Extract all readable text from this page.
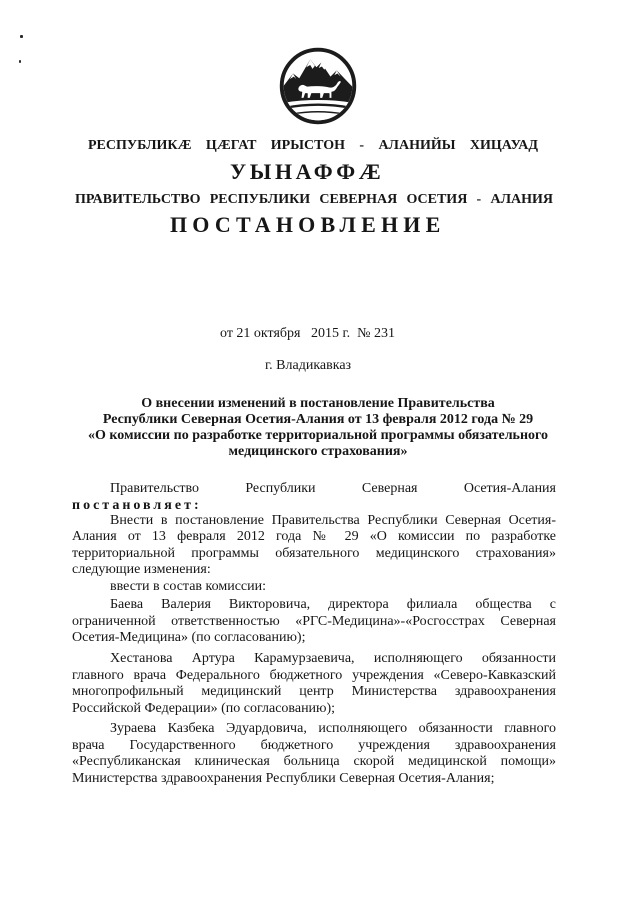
РЕСПУБЛИКӔ ЦӔГАТ ИРЫСТОН - АЛАНИЙЫ ХИЦАУАД
УЫНАФФӔ
ПРАВИТЕЛЬСТВО РЕСПУБЛИКИ СЕВЕРНАЯ ОСЕТИЯ - АЛАНИЯ
ПОСТАНОВЛЕНИЕ
от 21 октября   2015 г.  № 231
г. Владикавказ
О внесении изменений в постановление Правительства
Республики Северная Осетия-Алания от 13 февраля 2012 года № 29
«О комиссии по разработке территориальной программы обязательного
медицинского страхования»
Правительство Республики Северная Осетия-Алания
постановляет:
Внести в постановление Правительства Республики Северная Осетия-
Алания от 13 февраля 2012 года № 29 «О комиссии по разработке
территориальной программы обязательного медицинского страхования»
следующие изменения:
ввести в состав комиссии:
Баева Валерия Викторовича, директора филиала общества с
ограниченной ответственностью «РГС-Медицина»-«Росгосстрах Северная
Осетия-Медицина» (по согласованию);
Хестанова Артура Карамурзаевича, исполняющего обязанности
главного врача Федерального бюджетного учреждения «Северо-Кавказский
многопрофильный медицинский центр Министерства здравоохранения
Российской Федерации» (по согласованию);
Зураева Казбека Эдуардовича, исполняющего обязанности главного
врача Государственного бюджетного учреждения здравоохранения
«Республиканская клиническая больница скорой медицинской помощи»
Министерства здравоохранения Республики Северная Осетия-Алания;
